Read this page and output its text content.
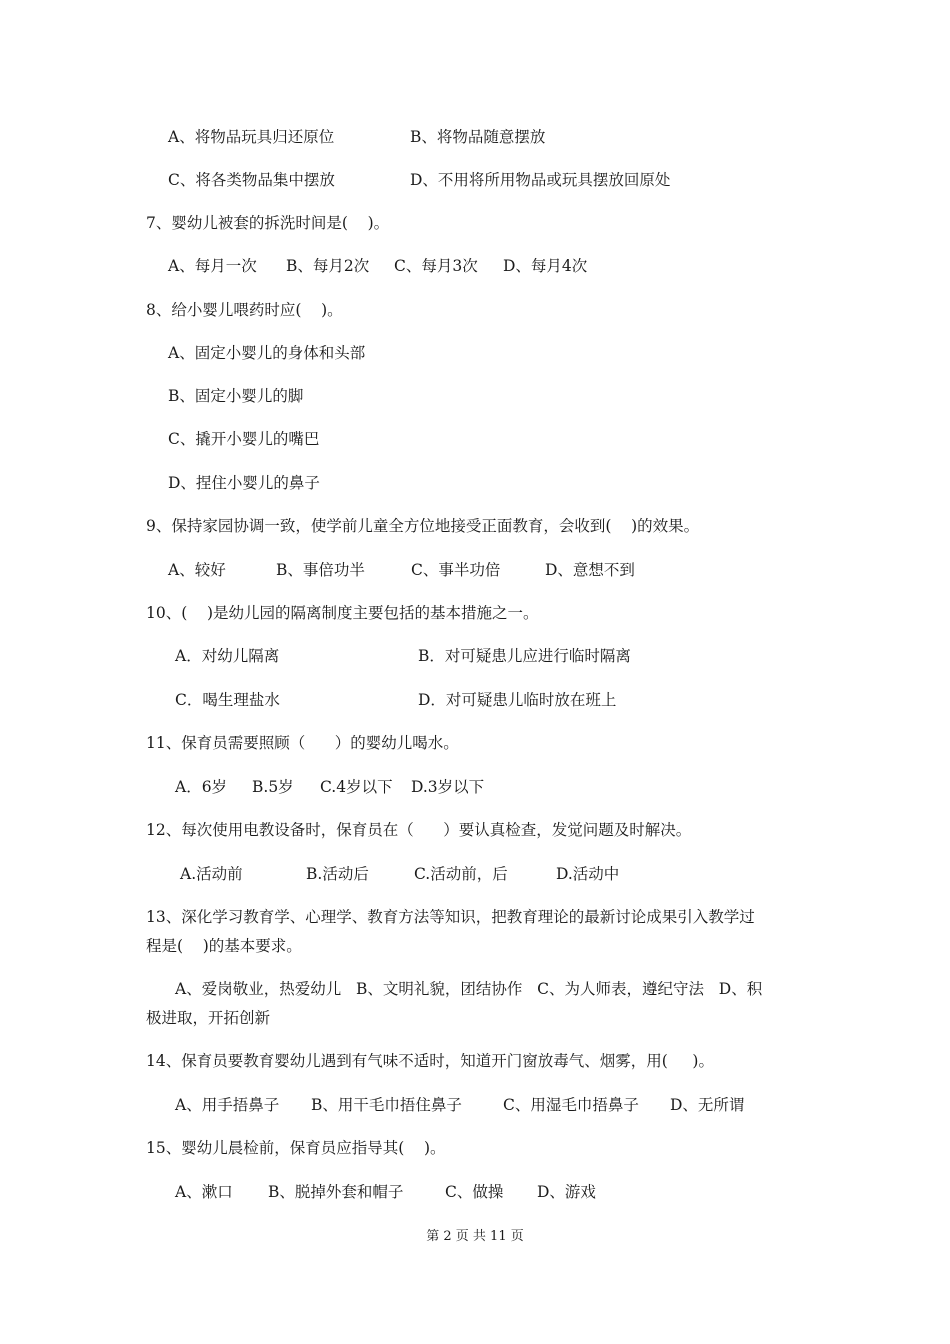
A、将物品玩具归还原位	B、将物品随意摆放
C、将各类物品集中摆放	D、不用将所用物品或玩具摆放回原处
7、婴幼儿被套的拆洗时间是(    )。
A、每月一次 B、每月2次 C、每月3次 D、每月4次
8、给小婴儿喂药时应(    )。
A、固定小婴儿的身体和头部
B、固定小婴儿的脚
C、撬开小婴儿的嘴巴
D、捏住小婴儿的鼻子
9、保持家园协调一致，使学前儿童全方位地接受正面教育，会收到(    )的效果。
A、较好	B、事倍功半	C、事半功倍	D、意想不到
10、(    )是幼儿园的隔离制度主要包括的基本措施之一。
A．对幼儿隔离	B．对可疑患儿应进行临时隔离
C．喝生理盐水	D．对可疑患儿临时放在班上
11、保育员需要照顾（      ）的婴幼儿喝水。
A．6岁 B.5岁 C.4岁以下 D.3岁以下
12、每次使用电教设备时，保育员在（      ）要认真检查，发觉问题及时解决。
A.活动前	B.活动后	C.活动前，后	D.活动中
13、深化学习教育学、心理学、教育方法等知识，把教育理论的最新讨论成果引入教学过
程是(    )的基本要求。
A、爱岗敬业，热爱幼儿   B、文明礼貌，团结协作   C、为人师表，遵纪守法   D、积
极进取，开拓创新
14、保育员要教育婴幼儿遇到有气味不适时，知道开门窗放毒气、烟雾，用(     )。
A、用手捂鼻子 B、用干毛巾捂住鼻子	C、用湿毛巾捂鼻子 D、无所谓
15、婴幼儿晨检前，保育员应指导其(    )。
A、漱口 B、脱掉外套和帽子	C、做操 D、游戏
第 2 页 共 11 页
